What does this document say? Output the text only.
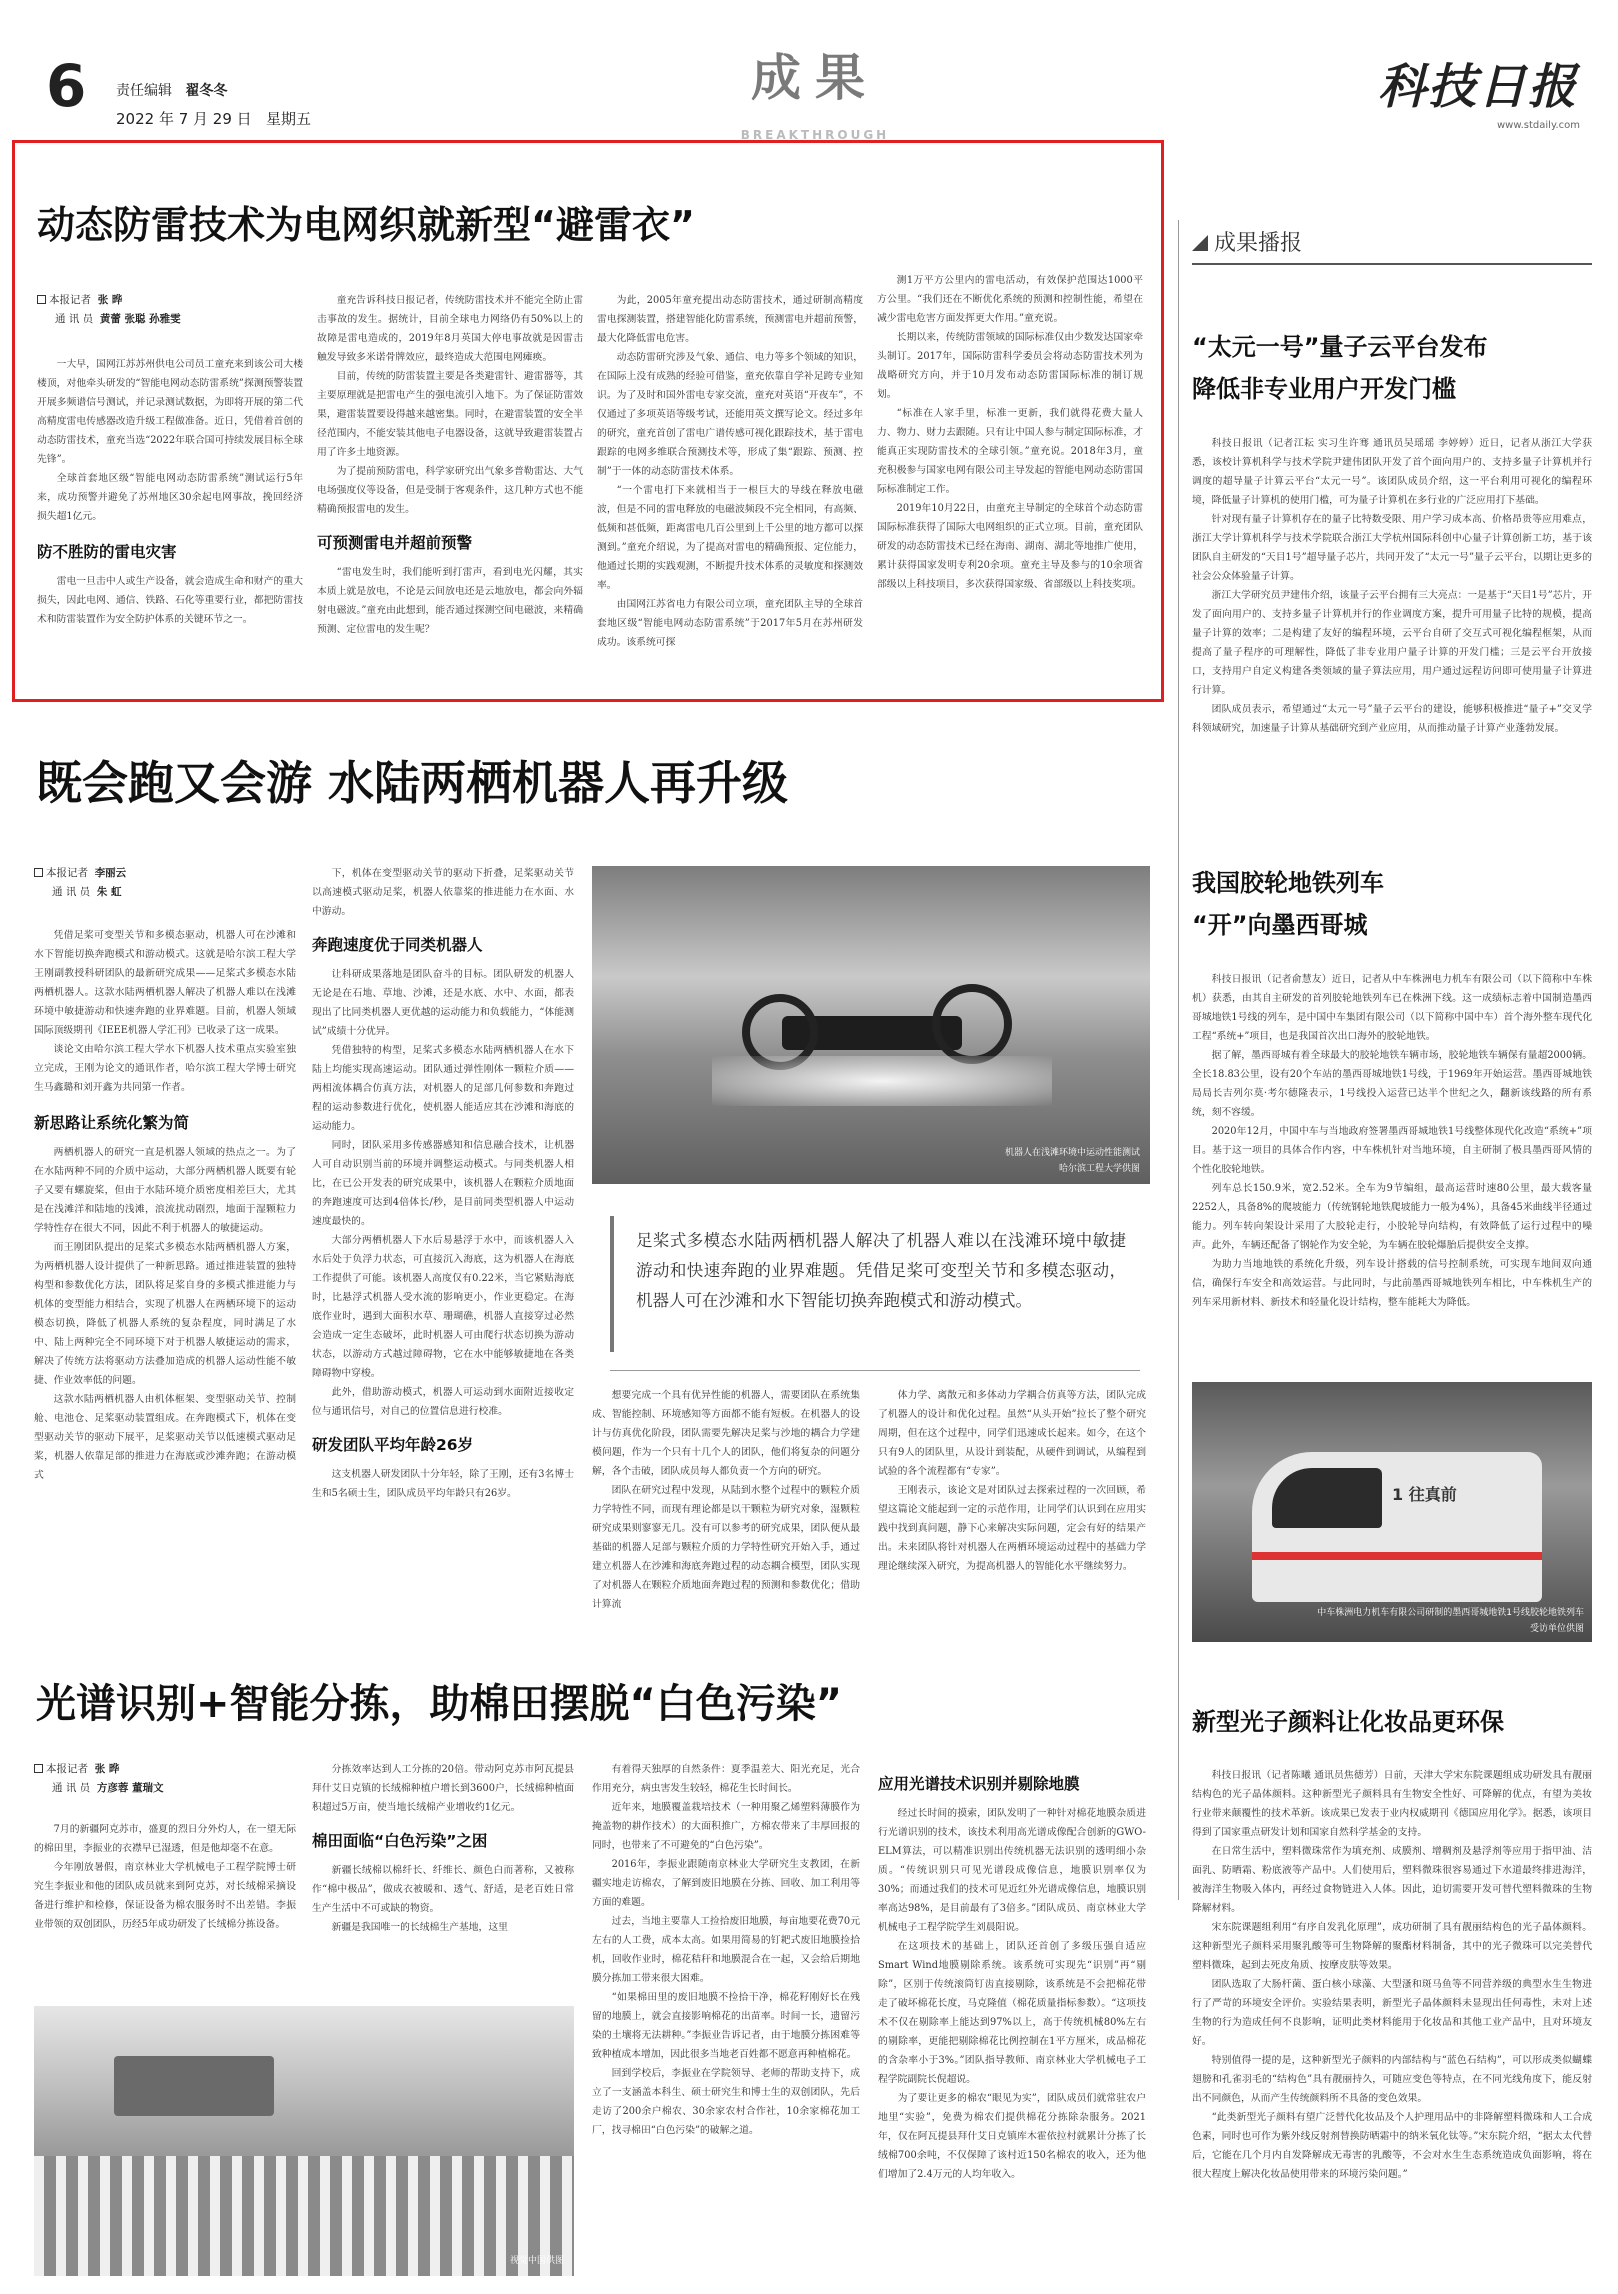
6 责任编辑 翟冬冬
2022 年 7 月 29 日 星期五
成果
BREAKTHROUGH
科技日报
www.stdaily.com
动态防雷技术为电网织就新型“避雷衣”
本报记者 张 晔
通 讯 员 黄蕾 张聪 孙雅雯

一大早，国网江苏苏州供电公司员工童充来到该公司大楼楼顶，对他牵头研发的“智能电网动态防雷系统”探测预警装置开展多频谱信号测试，并记录测试数据，为即将开展的第二代高精度雷电传感器改造升级工程做准备。近日，凭借着首创的动态防雷技术，童充当选“2022年联合国可持续发展目标全球先锋”。

全球首套地区级“智能电网动态防雷系统”测试运行5年来，成功预警并避免了苏州地区30余起电网事故，挽回经济损失超1亿元。

防不胜防的雷电灾害

雷电一旦击中人或生产设备，就会造成生命和财产的重大损失，因此电网、通信、铁路、石化等重要行业，都把防雷技术和防雷装置作为安全防护体系的关键环节之一。

童充告诉科技日报记者，传统防雷技术并不能完全防止雷击事故的发生。据统计，目前全球电力网络仍有50%以上的故障是雷电造成的，2019年8月英国大停电事故就是因雷击触发导致多米诺骨牌效应，最终造成大范围电网瘫痪。

目前，传统的防雷装置主要是各类避雷针、避雷器等，其主要原理就是把雷电产生的强电流引入地下。为了保证防雷效果，避雷装置要设得越来越密集。同时，在避雷装置的安全半径范围内，不能安装其他电子电器设备，这就导致避雷装置占用了许多土地资源。

为了提前预防雷电，科学家研究出气象多普勒雷达、大气电场强度仪等设备，但是受制于客观条件，这几种方式也不能精确预报雷电的发生。

可预测雷电并超前预警

“雷电发生时，我们能听到打雷声，看到电光闪耀，其实本质上就是放电，不论是云间放电还是云地放电，都会向外辐射电磁波。”童充由此想到，能否通过探测空间电磁波，来精确预测、定位雷电的发生呢？

为此，2005年童充提出动态防雷技术，通过研制高精度雷电探测装置，搭建智能化防雷系统，预测雷电并超前预警，最大化降低雷电危害。

动态防雷研究涉及气象、通信、电力等多个领域的知识，在国际上没有成熟的经验可借鉴，童充依靠自学补足跨专业知识。为了及时和国外雷电专家交流，童充对英语“开夜车”，不仅通过了多项英语等级考试，还能用英文撰写论文。经过多年的研究，童充首创了雷电广谱传感可视化跟踪技术，基于雷电跟踪的电网多维联合预测技术等，形成了集“跟踪、预测、控制”于一体的动态防雷技术体系。

“一个雷电打下来就相当于一根巨大的导线在释放电磁波，但是不同的雷电释放的电磁波频段不完全相同，有高频、低频和甚低频，距离雷电几百公里到上千公里的地方都可以探测到。”童充介绍说，为了提高对雷电的精确预报、定位能力，他通过长期的实践观测，不断提升技术体系的灵敏度和探测效率。

由国网江苏省电力有限公司立项，童充团队主导的全球首套地区级“智能电网动态防雷系统”于2017年5月在苏州研发成功。该系统可探

测1万平方公里内的雷电活动，有效保护范围达1000平方公里。“我们还在不断优化系统的预测和控制性能，希望在减少雷电危害方面发挥更大作用。”童充说。

长期以来，传统防雷领域的国际标准仅由少数发达国家牵头制订。2017年，国际防雷科学委员会将动态防雷技术列为战略研究方向，并于10月发布动态防雷国际标准的制订规划。

“标准在人家手里，标准一更新，我们就得花费大量人力、物力、财力去跟随。只有让中国人参与制定国际标准，才能真正实现防雷技术的全球引领。”童充说。2018年3月，童充积极参与国家电网有限公司主导发起的智能电网动态防雷国际标准制定工作。

2019年10月22日，由童充主导制定的全球首个动态防雷国际标准获得了国际大电网组织的正式立项。目前，童充团队研发的动态防雷技术已经在海南、湖南、湖北等地推广使用，累计获得国家发明专利20余项。童充主导及参与的10余项省部级以上科技项目，多次获得国家级、省部级以上科技奖项。

成果播报
“太元一号”量子云平台发布
降低非专业用户开发门槛

科技日报讯（记者江耘 实习生许骞 通讯员吴瑶瑶 李婷婷）近日，记者从浙江大学获悉，该校计算机科学与技术学院尹建伟团队开发了首个面向用户的、支持多量子计算机并行调度的超导量子计算云平台“太元一号”。该团队成员介绍，这一平台利用可视化的编程环境，降低量子计算机的使用门槛，可为量子计算机在多行业的广泛应用打下基础。

针对现有量子计算机存在的量子比特数受限、用户学习成本高、价格昂贵等应用难点，浙江大学计算机科学与技术学院联合浙江大学杭州国际科创中心量子计算创新工坊，基于该团队自主研发的“天目1号”超导量子芯片，共同开发了“太元一号”量子云平台，以期让更多的社会公众体验量子计算。

浙江大学研究员尹建伟介绍，该量子云平台拥有三大亮点：一是基于“天目1号”芯片，开发了面向用户的、支持多量子计算机并行的作业调度方案，提升可用量子比特的规模，提高量子计算的效率；二是构建了友好的编程环境，云平台自研了交互式可视化编程框架，从而提高了量子程序的可理解性，降低了非专业用户量子计算的开发门槛；三是云平台开放接口，支持用户自定义构建各类领域的量子算法应用，用户通过远程访问即可使用量子计算进行计算。

团队成员表示，希望通过“太元一号”量子云平台的建设，能够积极推进“量子+”交叉学科领域研究，加速量子计算从基础研究到产业应用，从而推动量子计算产业蓬勃发展。

我国胶轮地铁列车
“开”向墨西哥城

科技日报讯（记者俞慧友）近日，记者从中车株洲电力机车有限公司（以下简称中车株机）获悉，由其自主研发的首列胶轮地铁列车已在株洲下线。这一成绩标志着中国制造墨西哥城地铁1号线的列车，是中国中车集团有限公司（以下简称中国中车）首个海外整车现代化工程“系统+”项目，也是我国首次出口海外的胶轮地铁。

据了解，墨西哥城有着全球最大的胶轮地铁车辆市场，胶轮地铁车辆保有量超2000辆。全长18.83公里，设有20个车站的墨西哥城地铁1号线，于1969年开始运营。墨西哥城地铁局局长吉列尔莫·考尔德隆表示，1号线投入运营已达半个世纪之久，翻新该线路的所有系统，刻不容缓。

2020年12月，中国中车与当地政府签署墨西哥城地铁1号线整体现代化改造“系统+”项目。基于这一项目的具体合作内容，中车株机针对当地环境，自主研制了极具墨西哥风情的个性化胶轮地铁。

列车总长150.9米，宽2.52米。全车为9节编组，最高运营时速80公里，最大载客量2252人，具备8%的爬坡能力（传统钢轮地铁爬坡能力一般为4%），具备45米曲线半径通过能力。列车转向架设计采用了大胶轮走行，小胶轮导向结构，有效降低了运行过程中的噪声。此外，车辆还配备了钢轮作为安全轮，为车辆在胶轮爆胎后提供安全支撑。

为助力当地地铁的系统化升级，列车设计搭载的信号控制系统，可实现车地间双向通信，确保行车安全和高效运营。与此同时，与此前墨西哥城地铁列车相比，中车株机生产的列车采用新材料、新技术和轻量化设计结构，整车能耗大为降低。

1 往真前
中车株洲电力机车有限公司研制的墨西哥城地铁1号线胶轮地铁列车
受访单位供图
新型光子颜料让化妆品更环保

科技日报讯（记者陈曦 通讯员焦德芳）日前，天津大学宋东院课题组成功研发具有靓丽结构色的光子晶体颜料。这种新型光子颜料具有生物安全性好、可降解的优点，有望为美妆行业带来颠覆性的技术革新。该成果已发表于业内权威期刊《德国应用化学》。据悉，该项目得到了国家重点研发计划和国家自然科学基金的支持。

在日常生活中，塑料微珠常作为填充剂、成膜剂、增稠剂及悬浮剂等应用于指甲油、洁面乳、防晒霜、粉底液等产品中。人们使用后，塑料微珠很容易通过下水道最终排进海洋，被海洋生物吸入体内，再经过食物链进入人体。因此，迫切需要开发可替代塑料微珠的生物降解材料。

宋东院课题组利用“有序自发乳化原理”，成功研制了具有靓丽结构色的光子晶体颜料。这种新型光子颜料采用聚乳酸等可生物降解的聚酯材料制备，其中的光子微珠可以完美替代塑料微珠，起到去死皮角质、按摩皮肤等效果。

团队选取了大肠杆菌、蛋白核小球藻、大型溞和斑马鱼等不同营养级的典型水生生物进行了严苛的环境安全评价。实验结果表明，新型光子晶体颜料未显现出任何毒性，未对上述生物的行为造成任何不良影响，证明此类材料能用于化妆品和其他工业产品中，且对环境友好。

特别值得一提的是，这种新型光子颜料的内部结构与“蓝色石结构”，可以形成类似蝴蝶翅膀和孔雀羽毛的“结构色”具有靓丽持久，可随应变色等特点，在不同光线角度下，能反射出不同颜色，从而产生传统颜料所不具备的变色效果。

“此类新型光子颜料有望广泛替代化妆品及个人护理用品中的非降解塑料微珠和人工合成色素，同时也可作为紫外线反射剂替换防晒霜中的纳米氧化钛等。”宋东院介绍，“据太太代替后，它能在几个月内自发降解成无毒害的乳酸等，不会对水生生态系统造成负面影响，将在很大程度上解决化妆品使用带来的环境污染问题。”

既会跑又会游 水陆两栖机器人再升级
本报记者 李丽云
通 讯 员 朱 虹

凭借足桨可变型关节和多模态驱动，机器人可在沙滩和水下智能切换奔跑模式和游动模式。这就是哈尔滨工程大学王刚副教授科研团队的最新研究成果——足桨式多模态水陆两栖机器人。这款水陆两栖机器人解决了机器人难以在浅滩环境中敏捷游动和快速奔跑的业界难题。目前，机器人领域国际顶级期刊《IEEE机器人学汇刊》已收录了这一成果。

谈论文由哈尔滨工程大学水下机器人技术重点实验室独立完成，王刚为论文的通讯作者，哈尔滨工程大学博士研究生马鑫璐和刘开鑫为共同第一作者。

新思路让系统化繁为简

两栖机器人的研究一直是机器人领域的热点之一。为了在水陆两种不同的介质中运动，大部分两栖机器人既要有轮子又要有螺旋桨，但由于水陆环境介质密度相差巨大，尤其是在浅滩洋和陆地的浅滩，浪流扰动剧烈，地面于湿颗粒力学特性存在很大不同，因此不利于机器人的敏捷运动。

而王刚团队提出的足桨式多模态水陆两栖机器人方案，为两栖机器人设计提供了一种新思路。通过推进装置的独特构型和参数优化方法，团队将足桨自身的多模式推进能力与机体的变型能力相结合，实现了机器人在两栖环境下的运动模态切换，降低了机器人系统的复杂程度，同时满足了水中、陆上两种完全不同环境下对于机器人敏捷运动的需求，解决了传统方法将驱动方法叠加造成的机器人运动性能不敏捷、作业效率低的问题。

这款水陆两栖机器人由机体框架、变型驱动关节、控制舱、电池仓、足桨驱动装置组成。在奔跑模式下，机体在变型驱动关节的驱动下展平，足桨驱动关节以低速模式驱动足桨，机器人依靠足部的推进力在海底或沙滩奔跑；在游动模式

下，机体在变型驱动关节的驱动下折叠，足桨驱动关节以高速模式驱动足桨，机器人依靠桨的推进能力在水面、水中游动。

奔跑速度优于同类机器人

让科研成果落地是团队奋斗的目标。团队研发的机器人无论是在石地、草地、沙滩，还是水底、水中、水面，都表现出了比同类机器人更优越的运动能力和负载能力，“体能测试”成绩十分优异。

凭借独特的构型，足桨式多模态水陆两栖机器人在水下陆上均能实现高速运动。团队通过弹性刚体一颗粒介质——两相流体耦合仿真方法，对机器人的足部几何参数和奔跑过程的运动参数进行优化，使机器人能适应其在沙滩和海底的运动能力。

同时，团队采用多传感器感知和信息融合技术，让机器人可自动识别当前的环境并调整运动模式。与同类机器人相比，在已公开发表的研究成果中，该机器人在颗粒介质地面的奔跑速度可达到4倍体长/秒，是目前同类型机器人中运动速度最快的。

大部分两栖机器人下水后易悬浮于水中，而该机器人入水后处于负浮力状态，可直接沉入海底，这为机器人在海底工作提供了可能。该机器人高度仅有0.22米，当它紧贴海底时，比悬浮式机器人受水流的影响更小，作业更稳定。在海底作业时，遇到大面积水草、珊瑚礁，机器人直接穿过必然会造成一定生态破坏，此时机器人可由爬行状态切换为游动状态，以游动方式越过障碍物，它在水中能够敏捷地在各类障碍物中穿梭。

此外，借助游动模式，机器人可运动到水面附近接收定位与通讯信号，对自己的位置信息进行校准。

研发团队平均年龄26岁

这支机器人研发团队十分年轻，除了王刚，还有3名博士生和5名硕士生，团队成员平均年龄只有26岁。

机器人在浅滩环境中运动性能测试
哈尔滨工程大学供图
足桨式多模态水陆两栖机器人解决了机器人难以在浅滩环境中敏捷游动和快速奔跑的业界难题。凭借足桨可变型关节和多模态驱动，机器人可在沙滩和水下智能切换奔跑模式和游动模式。

想要完成一个具有优异性能的机器人，需要团队在系统集成、智能控制、环境感知等方面都不能有短板。在机器人的设计与仿真优化阶段，团队需要先解决足桨与沙地的耦合力学建模问题，作为一个只有十几个人的团队，他们将复杂的问题分解，各个击破，团队成员每人都负责一个方向的研究。

团队在研究过程中发现，从陆到水整个过程中的颗粒介质力学特性不同，而现有理论都是以干颗粒为研究对象，湿颗粒研究成果则寥寥无几。没有可以参考的研究成果，团队便从最基础的机器人足部与颗粒介质的力学特性研究开始入手，通过建立机器人在沙滩和海底奔跑过程的动态耦合模型，团队实现了对机器人在颗粒介质地面奔跑过程的预测和参数优化；借助计算流

体力学、离散元和多体动力学耦合仿真等方法，团队完成了机器人的设计和优化过程。虽然“从头开始”拉长了整个研究周期，但在这个过程中，同学们迅速成长起来。如今，在这个只有9人的团队里，从设计到装配，从硬件到调试，从编程到试验的各个流程都有“专家”。

王刚表示，该论文是对团队过去探索过程的一次回顾，希望这篇论文能起到一定的示范作用，让同学们认识到在应用实践中找到真问题，静下心来解决实际问题，定会有好的结果产出。未来团队将针对机器人在两栖环境运动过程中的基础力学理论继续深入研究，为提高机器人的智能化水平继续努力。

光谱识别+智能分拣，助棉田摆脱“白色污染”
本报记者 张 晔
通 讯 员 方彦蓉 董瑞文

7月的新疆阿克苏市，盛夏的烈日分外灼人，在一望无际的棉田里，李振业的衣襟早已湿透，但是他却毫不在意。

今年刚放暑假，南京林业大学机械电子工程学院博士研究生李振业和他的团队成员就来到阿克苏，对长绒棉采摘设备进行维护和检修，保证设备为棉农服务时不出差错。李振业带领的双创团队，历经5年成功研发了长绒棉分拣设备。

分拣效率达到人工分拣的20倍。带动阿克苏市阿瓦提县拜什艾日克镇的长绒棉种植户增长到3600户，长绒棉种植面积超过5万亩，使当地长绒棉产业增收约1亿元。

棉田面临“白色污染”之困

新疆长绒棉以棉纤长、纤维长、颜色白而著称，又被称作“棉中极品”，做成衣被暖和、透气、舒适，是老百姓日常生产生活中不可或缺的物资。

新疆是我国唯一的长绒棉生产基地，这里

视觉中国供图

有着得天独厚的自然条件：夏季温差大、阳光充足，光合作用充分，病虫害发生较轻，棉花生长时间长。

近年来，地膜覆盖栽培技术（一种用聚乙烯塑料薄膜作为掩盖物的耕作技术）的大面积推广，方棉农带来了丰厚回报的同时，也带来了不可避免的“白色污染”。

2016年，李振业跟随南京林业大学研究生支教团，在新疆实地走访棉农，了解到废旧地膜在分拣、回收、加工利用等方面的难题。

过去，当地主要靠人工捡拾废旧地膜，每亩地要花费70元左右的人工费，成本太高。如果用简易的钉耙式废旧地膜捡拾机，回收作业时，棉花秸秆和地膜混合在一起，又会给后期地膜分拣加工带来很大困难。

“如果棉田里的废旧地膜不捡拾干净，棉花籽刚好长在残留的地膜上，就会直接影响棉花的出苗率。时间一长，遗留污染的土壤将无法耕种。”李振业告诉记者，由于地膜分拣困难等致种植成本增加，因此很多当地老百姓都不愿意再种植棉花。

回到学校后，李振业在学院领导、老师的帮助支持下，成立了一支涵盖本科生、硕士研究生和博士生的双创团队，先后走访了200余户棉农、30余家农村合作社，10余家棉花加工厂，找寻棉田“白色污染”的破解之道。

应用光谱技术识别并剔除地膜

经过长时间的摸索，团队发明了一种针对棉花地膜杂质进行光谱识别的技术，该技术利用高光谱成像配合创新的GWO-ELM算法，可以精准识别出传统机器无法识别的透明细小杂质。“传统识别只可见光谱段成像信息，地膜识别率仅为30%；而通过我们的技术可见近红外光谱成像信息，地膜识别率高达98%，是目前最有了3倍多。”团队成员、南京林业大学机械电子工程学院学生刘晨阳说。

在这项技术的基础上，团队还首创了多级压强自适应Smart Wind地膜剔除系统。该系统可实现先“识别”再“剔除”，区别于传统滚筒钉齿直接剔除，该系统是不会把棉花带走了破坏棉花长度，马克隆值（棉花质量指标参数）。“这项技术不仅在剔除率上能达到97%以上，高于传统机械80%左右的剔除率，更能把剔除棉花比例控制在1平方厘米，成品棉花的含杂率小于3%。”团队指导教师、南京林业大学机械电子工程学院副院长倪超说。

为了要让更多的棉农“眼见为实”，团队成员们就常驻农户地里“实验”，免费为棉农们提供棉花分拣除杂服务。2021年，仅在阿瓦提县拜什艾日克镇库木霍依拉村就累计分拣了长绒棉700余吨，不仅保障了该村近150名棉农的收入，还为他们增加了2.4万元的人均年收入。
